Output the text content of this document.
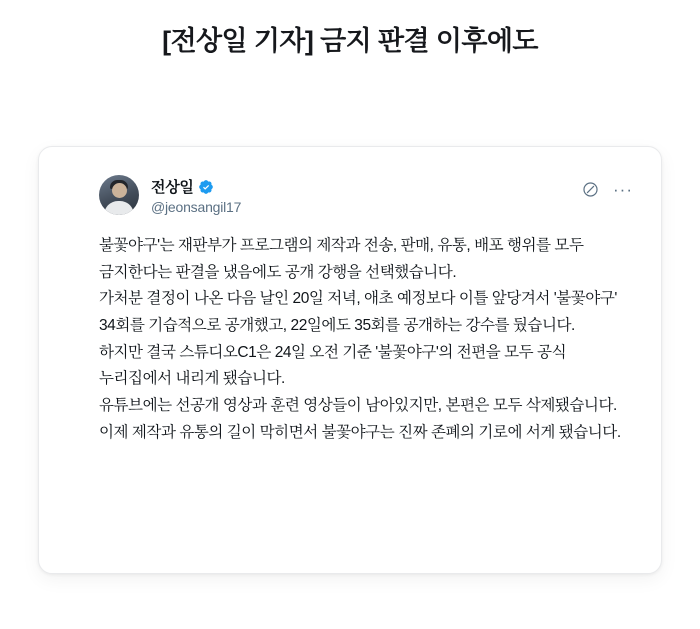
[전상일 기자] 금지 판결 이후에도
전상일
@jeonsangil17
···

불꽃야구'는 재판부가 프로그램의 제작과 전송, 판매, 유통, 배포 행위를 모두 금지한다는 판결을 냈음에도 공개 강행을 선택했습니다.

가처분 결정이 나온 다음 날인 20일 저녁, 애초 예정보다 이틀 앞당겨서 '불꽃야구' 34회를 기습적으로 공개했고, 22일에도 35회를 공개하는 강수를 뒀습니다.

하지만 결국 스튜디오C1은 24일 오전 기준 '불꽃야구'의 전편을 모두 공식 누리집에서 내리게 됐습니다.

유튜브에는 선공개 영상과 훈련 영상들이 남아있지만, 본편은 모두 삭제됐습니다.

이제 제작과 유통의 길이 막히면서 불꽃야구는 진짜 존폐의 기로에 서게 됐습니다.
